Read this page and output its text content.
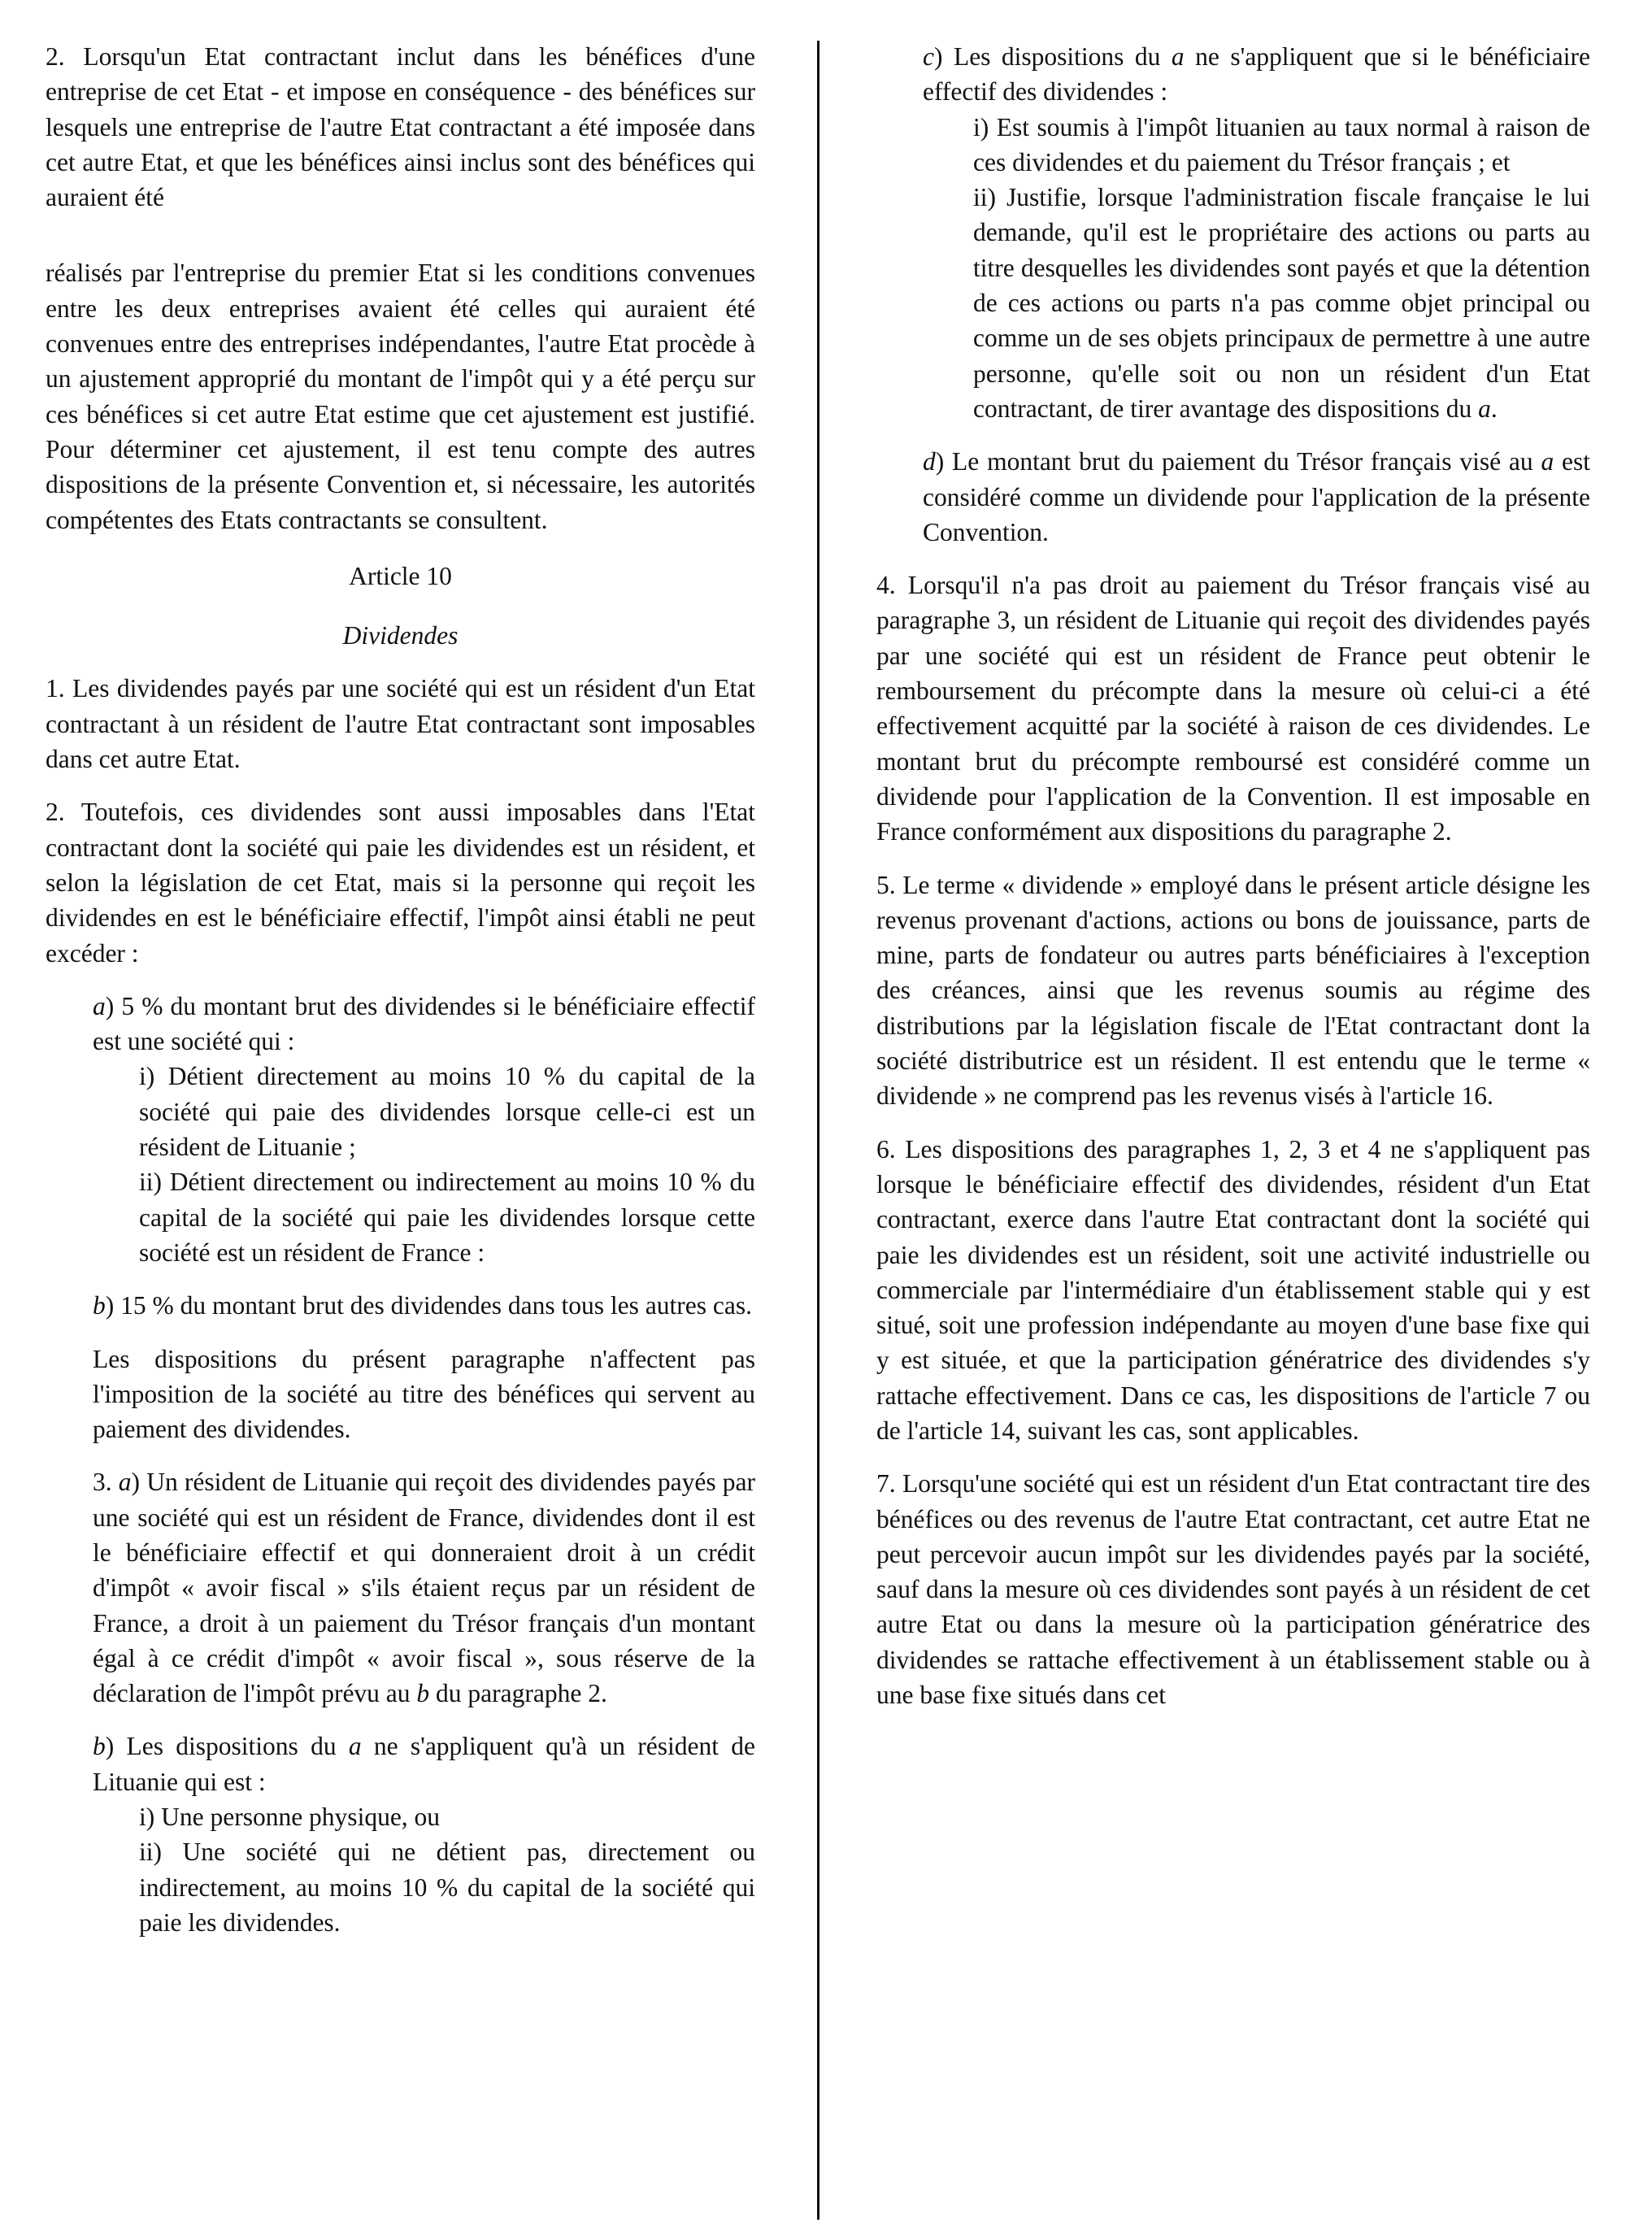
2. Lorsqu'un Etat contractant inclut dans les bénéfices d'une entreprise de cet Etat - et impose en conséquence - des bénéfices sur lesquels une entreprise de l'autre Etat contractant a été imposée dans cet autre Etat, et que les bénéfices ainsi inclus sont des bénéfices qui auraient été

réalisés par l'entreprise du premier Etat si les conditions convenues entre les deux entreprises avaient été celles qui auraient été convenues entre des entreprises indépendantes, l'autre Etat procède à un ajustement approprié du montant de l'impôt qui y a été perçu sur ces bénéfices si cet autre Etat estime que cet ajustement est justifié. Pour déterminer cet ajustement, il est tenu compte des autres dispositions de la présente Convention et, si nécessaire, les autorités compétentes des Etats contractants se consultent.

Article 10

Dividendes

1. Les dividendes payés par une société qui est un résident d'un Etat contractant à un résident de l'autre Etat contractant sont imposables dans cet autre Etat.

2. Toutefois, ces dividendes sont aussi imposables dans l'Etat contractant dont la société qui paie les dividendes est un résident, et selon la législation de cet Etat, mais si la personne qui reçoit les dividendes en est le bénéficiaire effectif, l'impôt ainsi établi ne peut excéder :

a) 5 % du montant brut des dividendes si le bénéficiaire effectif est une société qui :

i) Détient directement au moins 10 % du capital de la société qui paie des dividendes lorsque celle-ci est un résident de Lituanie ;

ii) Détient directement ou indirectement au moins 10 % du capital de la société qui paie les dividendes lorsque cette société est un résident de France :

b) 15 % du montant brut des dividendes dans tous les autres cas.

Les dispositions du présent paragraphe n'affectent pas l'imposition de la société au titre des bénéfices qui servent au paiement des dividendes.

3. a) Un résident de Lituanie qui reçoit des dividendes payés par une société qui est un résident de France, dividendes dont il est le bénéficiaire effectif et qui donneraient droit à un crédit d'impôt « avoir fiscal » s'ils étaient reçus par un résident de France, a droit à un paiement du Trésor français d'un montant égal à ce crédit d'impôt « avoir fiscal », sous réserve de la déclaration de l'impôt prévu au b du paragraphe 2.

b) Les dispositions du a ne s'appliquent qu'à un résident de Lituanie qui est :

i) Une personne physique, ou

ii) Une société qui ne détient pas, directement ou indirectement, au moins 10 % du capital de la société qui paie les dividendes.

c) Les dispositions du a ne s'appliquent que si le bénéficiaire effectif des dividendes :

i) Est soumis à l'impôt lituanien au taux normal à raison de ces dividendes et du paiement du Trésor français ; et

ii) Justifie, lorsque l'administration fiscale française le lui demande, qu'il est le propriétaire des actions ou parts au titre desquelles les dividendes sont payés et que la détention de ces actions ou parts n'a pas comme objet principal ou comme un de ses objets principaux de permettre à une autre personne, qu'elle soit ou non un résident d'un Etat contractant, de tirer avantage des dispositions du a.

d) Le montant brut du paiement du Trésor français visé au a est considéré comme un dividende pour l'application de la présente Convention.

4. Lorsqu'il n'a pas droit au paiement du Trésor français visé au paragraphe 3, un résident de Lituanie qui reçoit des dividendes payés par une société qui est un résident de France peut obtenir le remboursement du précompte dans la mesure où celui-ci a été effectivement acquitté par la société à raison de ces dividendes. Le montant brut du précompte remboursé est considéré comme un dividende pour l'application de la Convention. Il est imposable en France conformément aux dispositions du paragraphe 2.

5. Le terme « dividende » employé dans le présent article désigne les revenus provenant d'actions, actions ou bons de jouissance, parts de mine, parts de fondateur ou autres parts bénéficiaires à l'exception des créances, ainsi que les revenus soumis au régime des distributions par la législation fiscale de l'Etat contractant dont la société distributrice est un résident. Il est entendu que le terme « dividende » ne comprend pas les revenus visés à l'article 16.

6. Les dispositions des paragraphes 1, 2, 3 et 4 ne s'appliquent pas lorsque le bénéficiaire effectif des dividendes, résident d'un Etat contractant, exerce dans l'autre Etat contractant dont la société qui paie les dividendes est un résident, soit une activité industrielle ou commerciale par l'intermédiaire d'un établissement stable qui y est situé, soit une profession indépendante au moyen d'une base fixe qui y est située, et que la participation génératrice des dividendes s'y rattache effectivement. Dans ce cas, les dispositions de l'article 7 ou de l'article 14, suivant les cas, sont applicables.

7. Lorsqu'une société qui est un résident d'un Etat contractant tire des bénéfices ou des revenus de l'autre Etat contractant, cet autre Etat ne peut percevoir aucun impôt sur les dividendes payés par la société, sauf dans la mesure où ces dividendes sont payés à un résident de cet autre Etat ou dans la mesure où la participation génératrice des dividendes se rattache effectivement à un établissement stable ou à une base fixe situés dans cet
